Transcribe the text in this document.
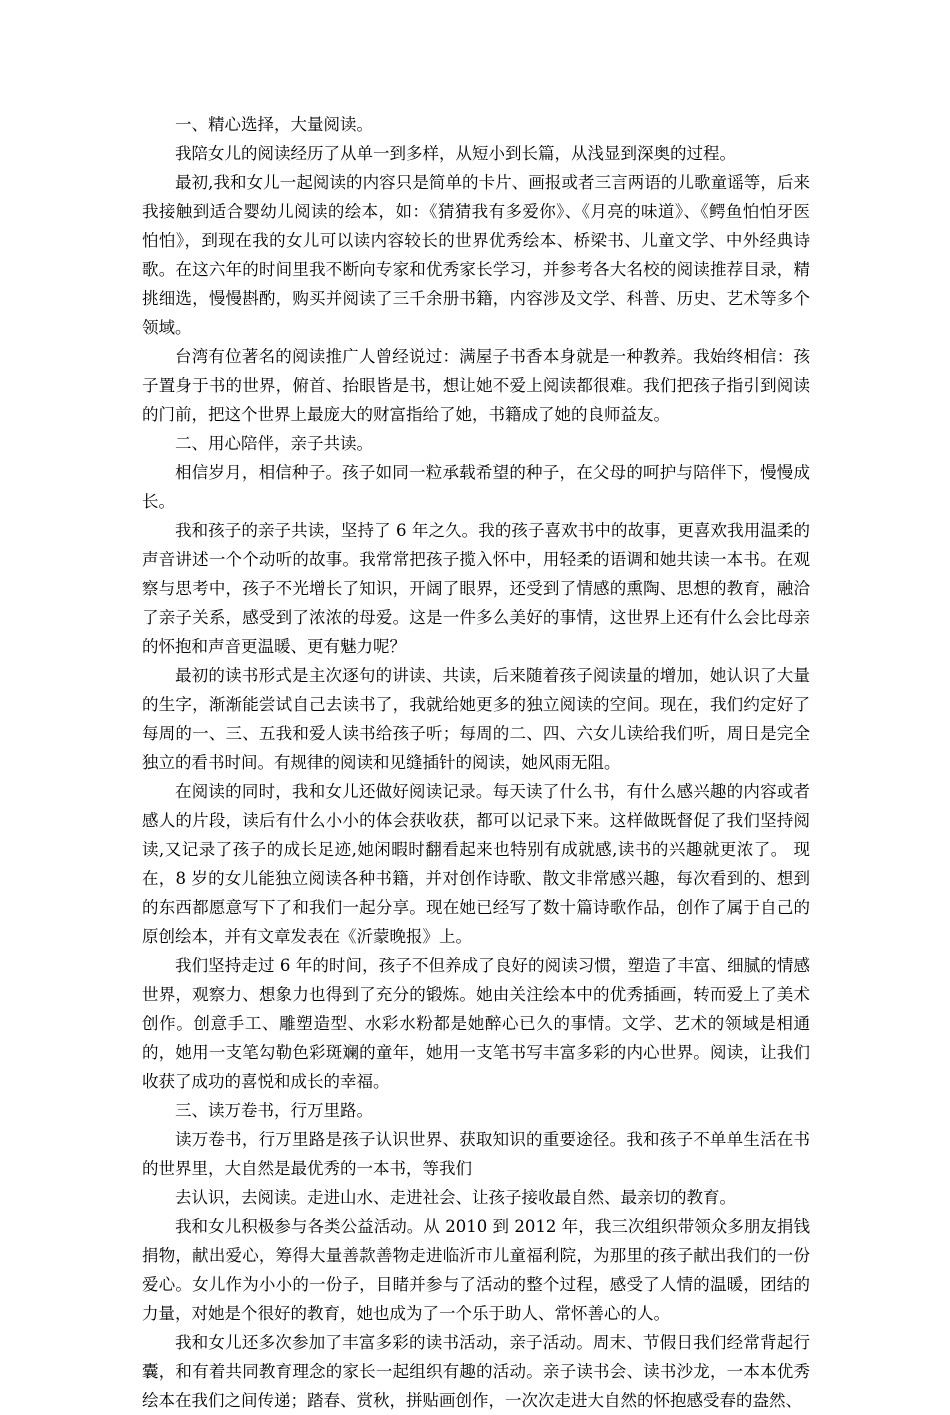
一、精心选择，大量阅读。

我陪女儿的阅读经历了从单一到多样，从短小到长篇，从浅显到深奥的过程。

最初,我和女儿一起阅读的内容只是简单的卡片、画报或者三言两语的儿歌童谣等，后来我接触到适合婴幼儿阅读的绘本，如：《猜猜我有多爱你》、《月亮的味道》、《鳄鱼怕怕牙医怕怕》，到现在我的女儿可以读内容较长的世界优秀绘本、桥梁书、儿童文学、中外经典诗歌。在这六年的时间里我不断向专家和优秀家长学习，并参考各大名校的阅读推荐目录，精挑细选，慢慢斟酌，购买并阅读了三千余册书籍，内容涉及文学、科普、历史、艺术等多个领域。

台湾有位著名的阅读推广人曾经说过：满屋子书香本身就是一种教养。我始终相信：孩子置身于书的世界，俯首、抬眼皆是书，想让她不爱上阅读都很难。我们把孩子指引到阅读的门前，把这个世界上最庞大的财富指给了她，书籍成了她的良师益友。

二、用心陪伴，亲子共读。

相信岁月，相信种子。孩子如同一粒承载希望的种子，在父母的呵护与陪伴下，慢慢成长。

我和孩子的亲子共读，坚持了 6 年之久。我的孩子喜欢书中的故事，更喜欢我用温柔的声音讲述一个个动听的故事。我常常把孩子揽入怀中，用轻柔的语调和她共读一本书。在观察与思考中，孩子不光增长了知识，开阔了眼界，还受到了情感的熏陶、思想的教育，融洽了亲子关系，感受到了浓浓的母爱。这是一件多么美好的事情，这世界上还有什么会比母亲的怀抱和声音更温暖、更有魅力呢？

最初的读书形式是主次逐句的讲读、共读，后来随着孩子阅读量的增加，她认识了大量的生字，渐渐能尝试自己去读书了，我就给她更多的独立阅读的空间。现在，我们约定好了每周的一、三、五我和爱人读书给孩子听；每周的二、四、六女儿读给我们听，周日是完全独立的看书时间。有规律的阅读和见缝插针的阅读，她风雨无阻。

在阅读的同时，我和女儿还做好阅读记录。每天读了什么书，有什么感兴趣的内容或者感人的片段，读后有什么小小的体会获收获，都可以记录下来。这样做既督促了我们坚持阅读,又记录了孩子的成长足迹,她闲暇时翻看起来也特别有成就感,读书的兴趣就更浓了。 现在，8 岁的女儿能独立阅读各种书籍，并对创作诗歌、散文非常感兴趣，每次看到的、想到的东西都愿意写下了和我们一起分享。现在她已经写了数十篇诗歌作品，创作了属于自己的原创绘本，并有文章发表在《沂蒙晚报》上。

我们坚持走过 6 年的时间，孩子不但养成了良好的阅读习惯，塑造了丰富、细腻的情感世界，观察力、想象力也得到了充分的锻炼。她由关注绘本中的优秀插画，转而爱上了美术创作。创意手工、雕塑造型、水彩水粉都是她醉心已久的事情。文学、艺术的领域是相通的，她用一支笔勾勒色彩斑斓的童年，她用一支笔书写丰富多彩的内心世界。阅读，让我们收获了成功的喜悦和成长的幸福。

三、读万卷书，行万里路。

读万卷书，行万里路是孩子认识世界、获取知识的重要途径。我和孩子不单单生活在书的世界里，大自然是最优秀的一本书，等我们

去认识，去阅读。走进山水、走进社会、让孩子接收最自然、最亲切的教育。

我和女儿积极参与各类公益活动。从 2010 到 2012 年，我三次组织带领众多朋友捐钱捐物，献出爱心，筹得大量善款善物走进临沂市儿童福利院，为那里的孩子献出我们的一份爱心。女儿作为小小的一份子，目睹并参与了活动的整个过程，感受了人情的温暖，团结的力量，对她是个很好的教育，她也成为了一个乐于助人、常怀善心的人。

我和女儿还多次参加了丰富多彩的读书活动，亲子活动。周末、节假日我们经常背起行囊，和有着共同教育理念的家长一起组织有趣的活动。亲子读书会、读书沙龙，一本本优秀绘本在我们之间传递；踏春、赏秋，拼贴画创作，一次次走进大自然的怀抱感受春的盎然、
